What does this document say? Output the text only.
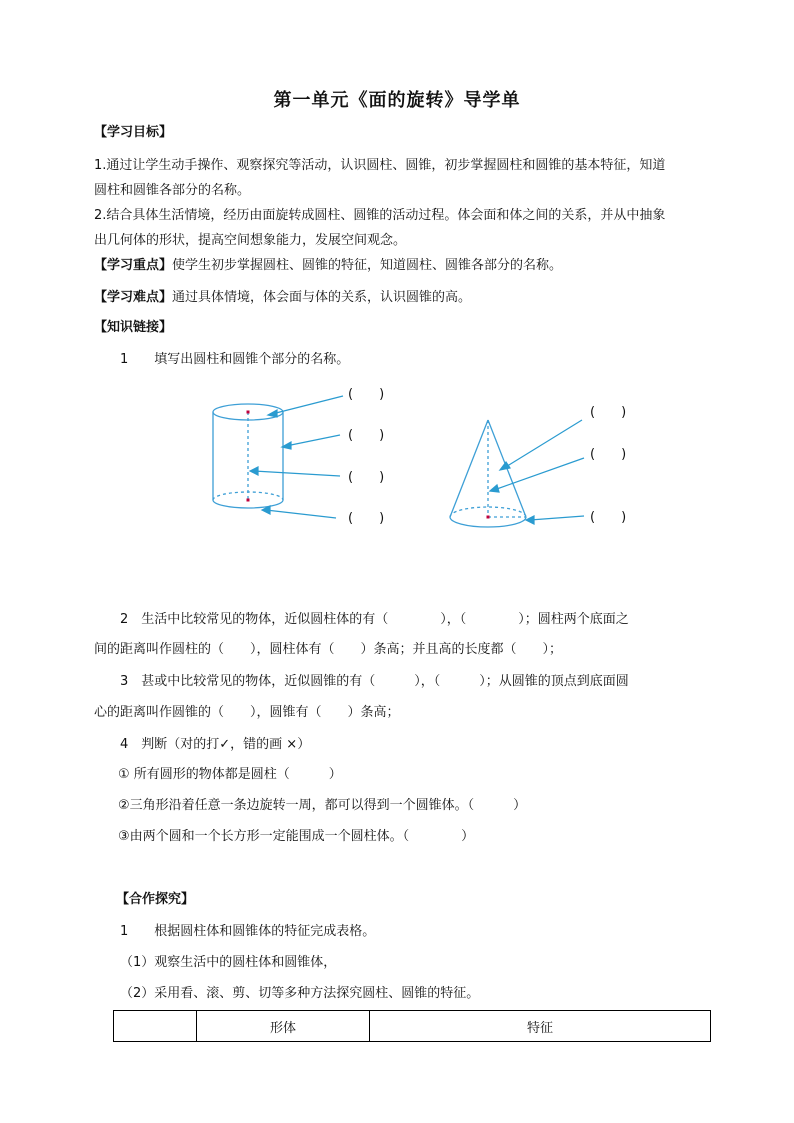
第一单元《面的旋转》导学单
【学习目标】
1.通过让学生动手操作、观察探究等活动，认识圆柱、圆锥，初步掌握圆柱和圆锥的基本特征，知道
圆柱和圆锥各部分的名称。
2.结合具体生活情境，经历由面旋转成圆柱、圆锥的活动过程。体会面和体之间的关系，并从中抽象
出几何体的形状，提高空间想象能力，发展空间观念。
【学习重点】使学生初步掌握圆柱、圆锥的特征，知道圆柱、圆锥各部分的名称。
【学习难点】通过具体情境，体会面与体的关系，认识圆锥的高。
【知识链接】
1　　填写出圆柱和圆锥个部分的名称。
(　　)
(　　)
(　　)
(　　)
(　　)
(　　)
(　　)
2　生活中比较常见的物体，近似圆柱体的有（　　　　），（　　　　）；圆柱两个底面之
间的距离叫作圆柱的（　　），圆柱体有（　　）条高；并且高的长度都（　　）；
3　甚或中比较常见的物体，近似圆锥的有（　　　），（　　　）；从圆锥的顶点到底面圆
心的距离叫作圆锥的（　　），圆锥有（　　）条高；
4　判断（对的打✓，错的画 ×）
① 所有圆形的物体都是圆柱（　　　）
②三角形沿着任意一条边旋转一周，都可以得到一个圆锥体。（　　　）
③由两个圆和一个长方形一定能围成一个圆柱体。（　　　　）
【合作探究】
1　　根据圆柱体和圆锥体的特征完成表格。
（1）观察生活中的圆柱体和圆锥体，
（2）采用看、滚、剪、切等多种方法探究圆柱、圆锥的特征。
	形体	特征
